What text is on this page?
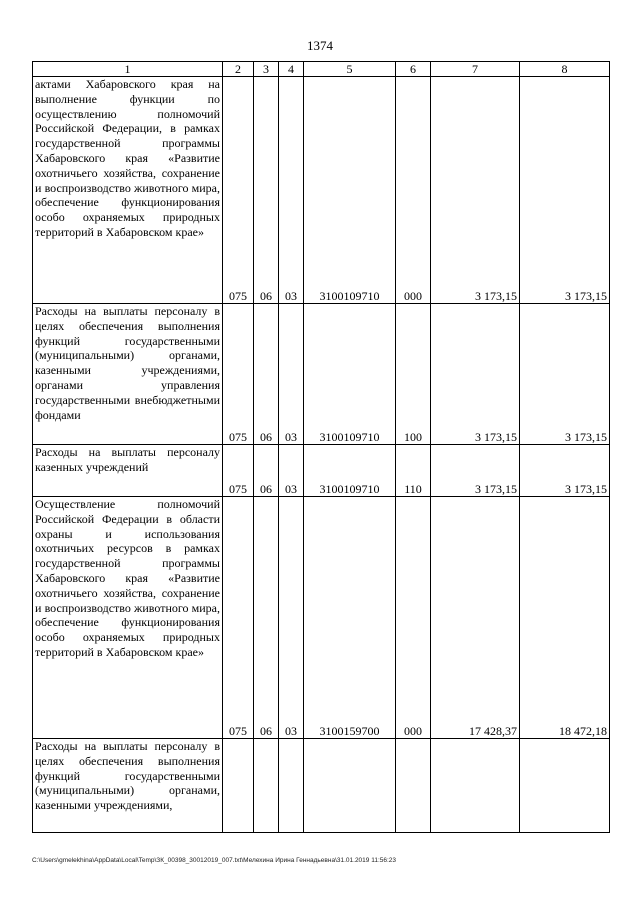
1374
1	2	3	4	5	6	7	8
актами Хабаровского края на выполнение функции по осуществлению полномочий Российской Федерации, в рамках государственной программы Хабаровского края «Развитие охотничьего хозяйства, сохранение и воспроизводство животного мира, обеспечение функционирования особо охраняемых природных территорий в Хабаровском крае»	075	06	03	3100109710	000	3 173,15	3 173,15
Расходы на выплаты персоналу в целях обеспечения выполнения функций государственными (муниципальными) органами, казенными учреждениями, органами управления государственными внебюджетными фондами	075	06	03	3100109710	100	3 173,15	3 173,15
Расходы на выплаты персоналу казенных учреждений	075	06	03	3100109710	110	3 173,15	3 173,15
Осуществление полномочий Российской Федерации в области охраны и использования охотничьих ресурсов в рамках государственной программы Хабаровского края «Развитие охотничьего хозяйства, сохранение и воспроизводство животного мира, обеспечение функционирования особо охраняемых природных территорий в Хабаровском крае»	075	06	03	3100159700	000	17 428,37	18 472,18
Расходы на выплаты персоналу в целях обеспечения выполнения функций государственными (муниципальными) органами, казенными учреждениями,							
C:\Users\gmelekhina\AppData\Local\Temp\ЗК_00398_30012019_007.txt\Мелехина Ирина Геннадьевна\31.01.2019 11:56:23
